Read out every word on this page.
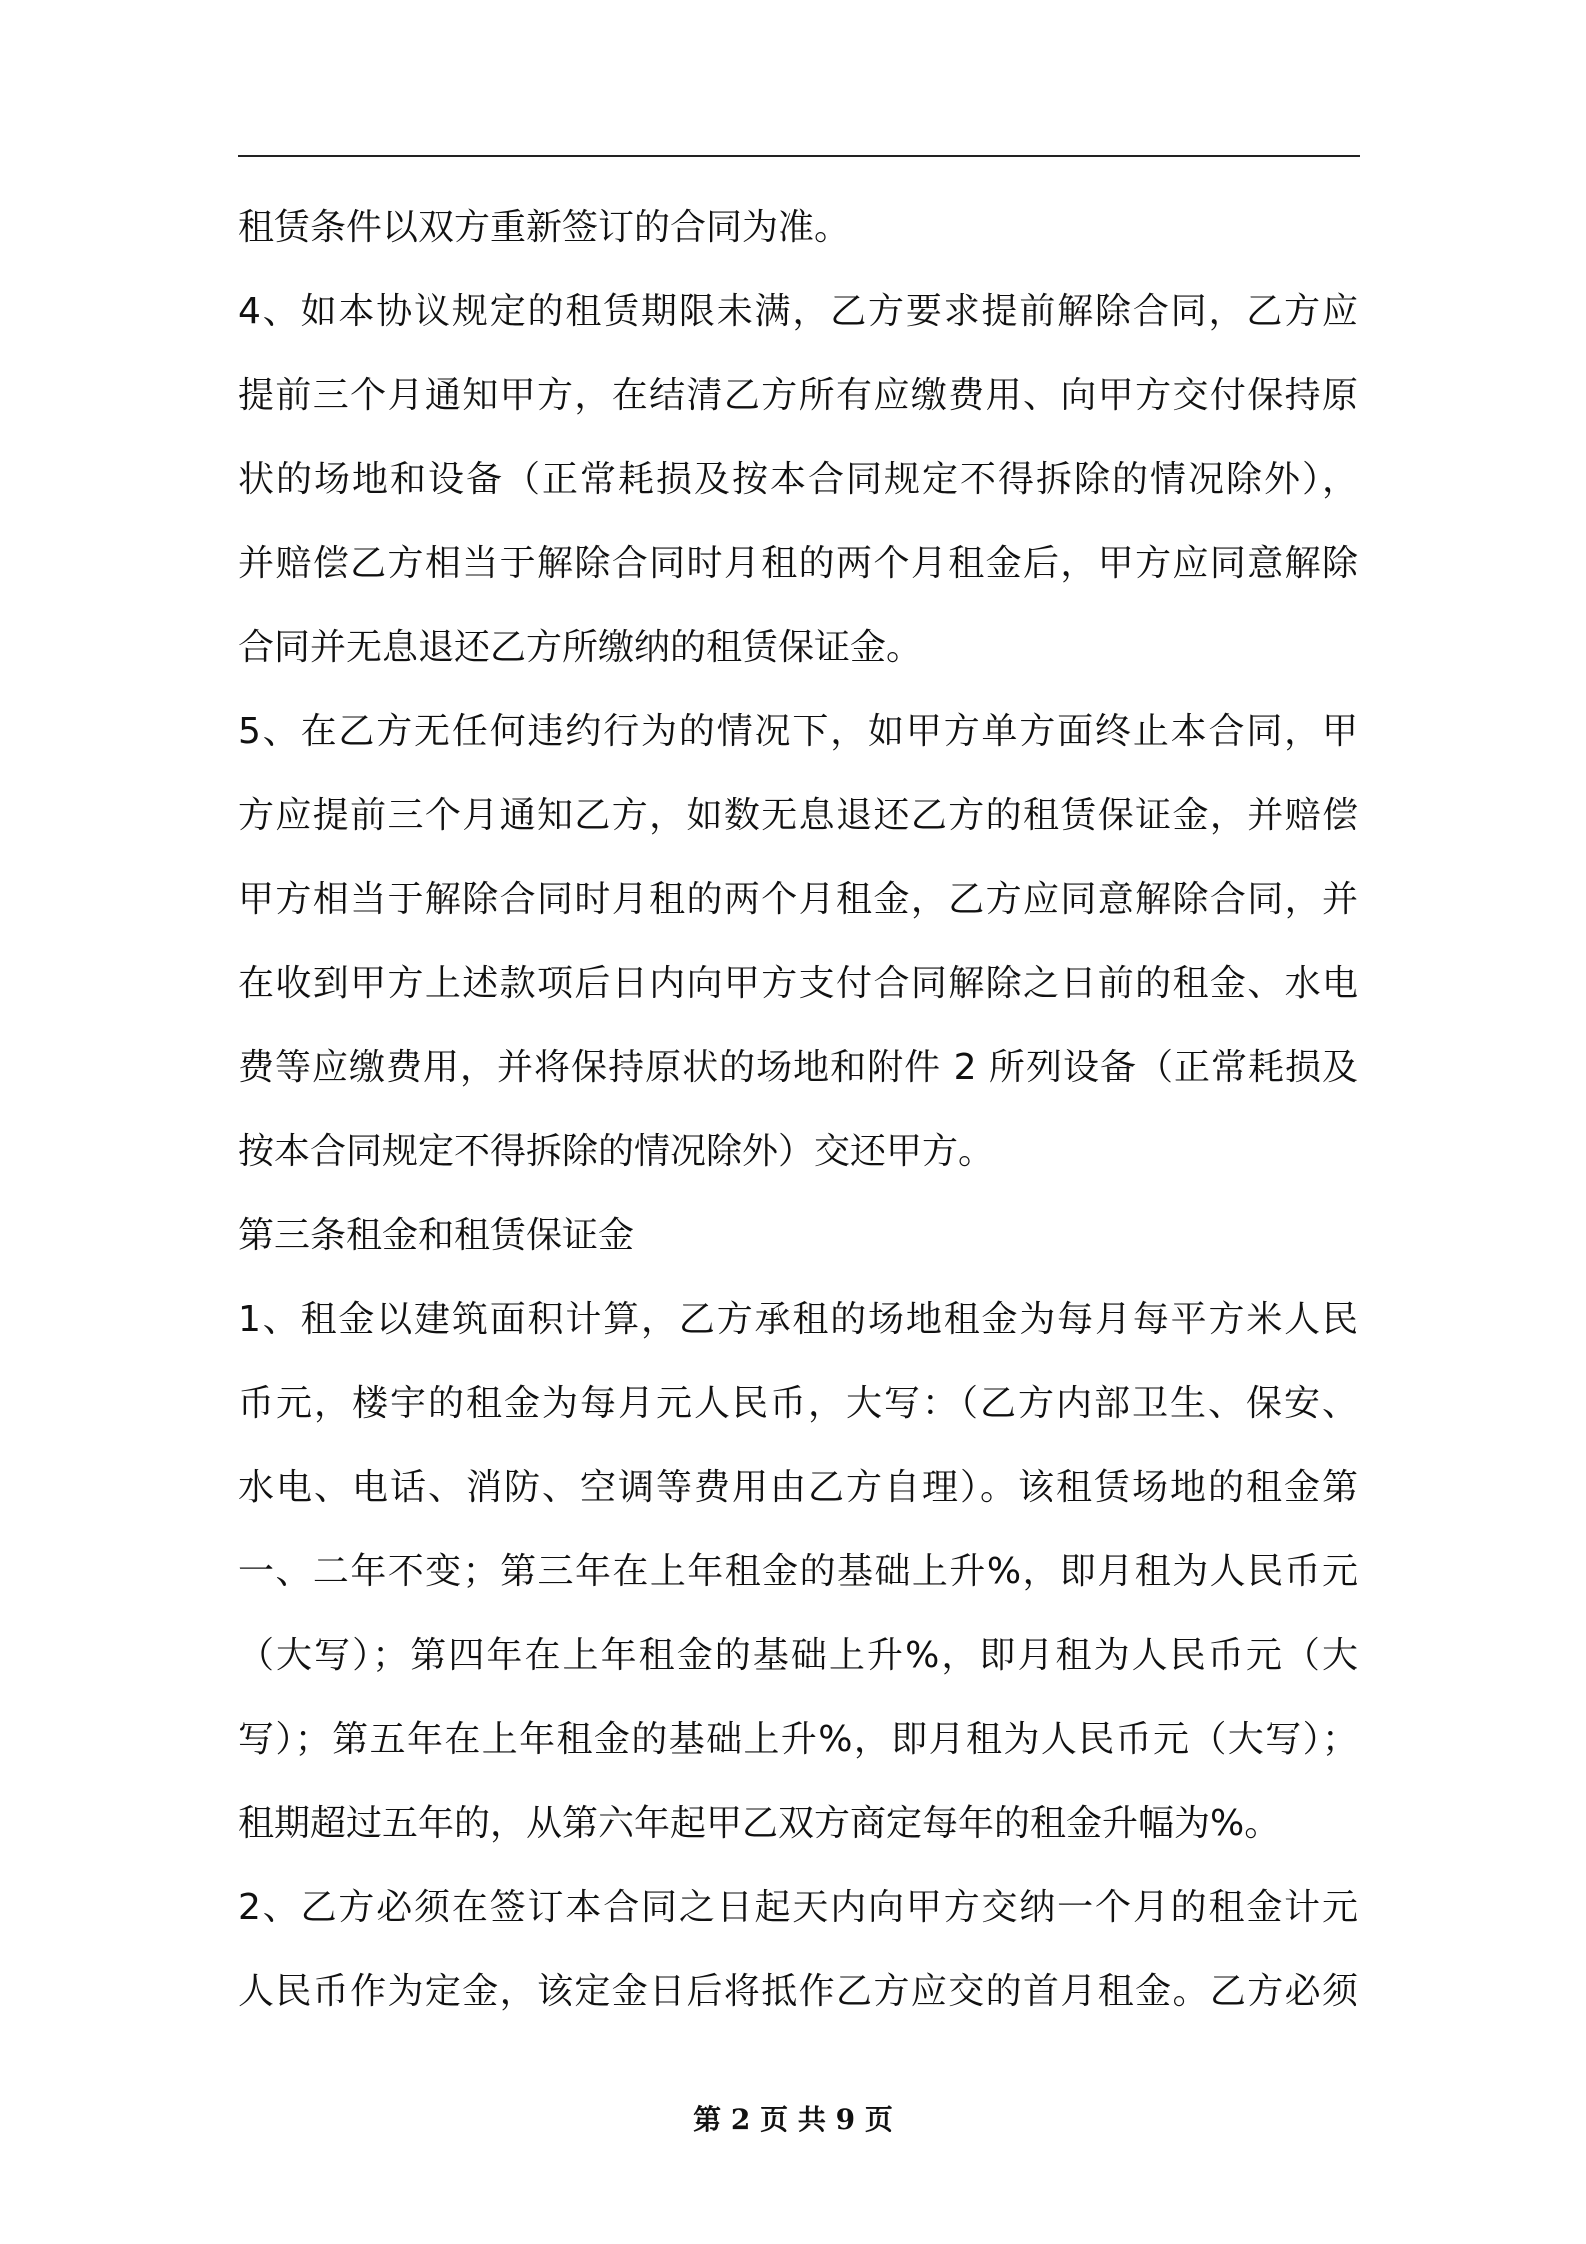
租赁条件以双方重新签订的合同为准。
4、如本协议规定的租赁期限未满，乙方要求提前解除合同，乙方应
提前三个月通知甲方，在结清乙方所有应缴费用、向甲方交付保持原
状的场地和设备（正常耗损及按本合同规定不得拆除的情况除外），
并赔偿乙方相当于解除合同时月租的两个月租金后，甲方应同意解除
合同并无息退还乙方所缴纳的租赁保证金。
5、在乙方无任何违约行为的情况下，如甲方单方面终止本合同，甲
方应提前三个月通知乙方，如数无息退还乙方的租赁保证金，并赔偿
甲方相当于解除合同时月租的两个月租金，乙方应同意解除合同，并
在收到甲方上述款项后日内向甲方支付合同解除之日前的租金、水电
费等应缴费用，并将保持原状的场地和附件 2 所列设备（正常耗损及
按本合同规定不得拆除的情况除外）交还甲方。
第三条租金和租赁保证金
1、租金以建筑面积计算，乙方承租的场地租金为每月每平方米人民
币元，楼宇的租金为每月元人民币，大写：（乙方内部卫生、保安、
水电、电话、消防、空调等费用由乙方自理）。该租赁场地的租金第
一、二年不变；第三年在上年租金的基础上升%，即月租为人民币元
（大写）；第四年在上年租金的基础上升%，即月租为人民币元（大
写）；第五年在上年租金的基础上升%，即月租为人民币元（大写）；
租期超过五年的，从第六年起甲乙双方商定每年的租金升幅为%。
2、乙方必须在签订本合同之日起天内向甲方交纳一个月的租金计元
人民币作为定金，该定金日后将抵作乙方应交的首月租金。乙方必须
第 2 页 共 9 页
